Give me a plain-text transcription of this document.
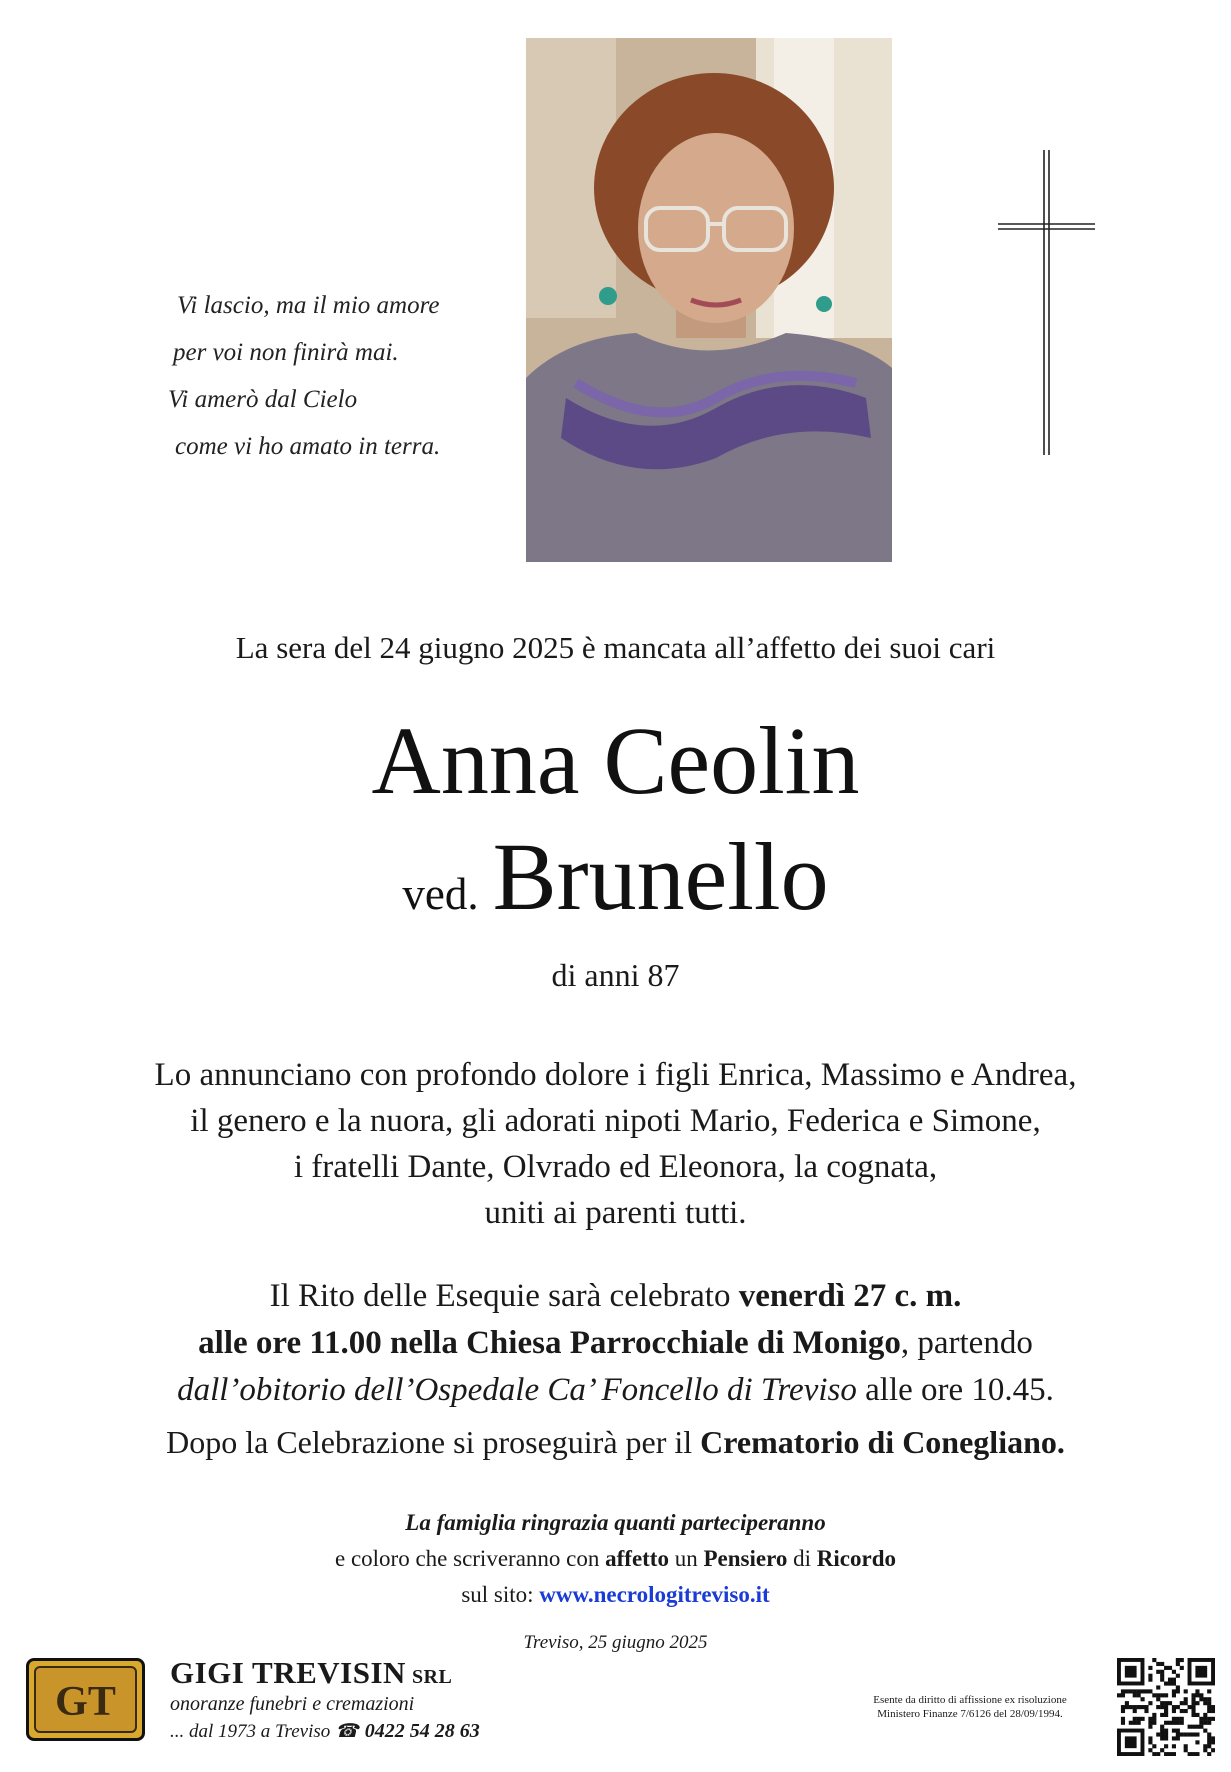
Vi lascio, ma il mio amore
per voi non finirà mai.
Vi amerò dal Cielo
come vi ho amato in terra.
La sera del 24 giugno 2025 è mancata all’affetto dei suoi cari
Anna Ceolin
ved. Brunello
di anni 87
Lo annunciano con profondo dolore i figli Enrica, Massimo e Andrea,
il genero e la nuora, gli adorati nipoti Mario, Federica e Simone,
i fratelli Dante, Olvrado ed Eleonora, la cognata,
uniti ai parenti tutti.
Il Rito delle Esequie sarà celebrato venerdì 27 c. m.
alle ore 11.00 nella Chiesa Parrocchiale di Monigo, partendo
dall’obitorio dell’Ospedale Ca’ Foncello di Treviso alle ore 10.45.
Dopo la Celebrazione si proseguirà per il Crematorio di Conegliano.
La famiglia ringrazia quanti parteciperanno
e coloro che scriveranno con affetto un Pensiero di Ricordo
sul sito: www.necrologitreviso.it
Treviso, 25 giugno 2025
GT
GIGI TREVISIN SRL
onoranze funebri e cremazioni
... dal 1973 a Treviso ☎ 0422 54 28 63
Esente da diritto di affissione ex risoluzione
Ministero Finanze 7/6126 del 28/09/1994.
